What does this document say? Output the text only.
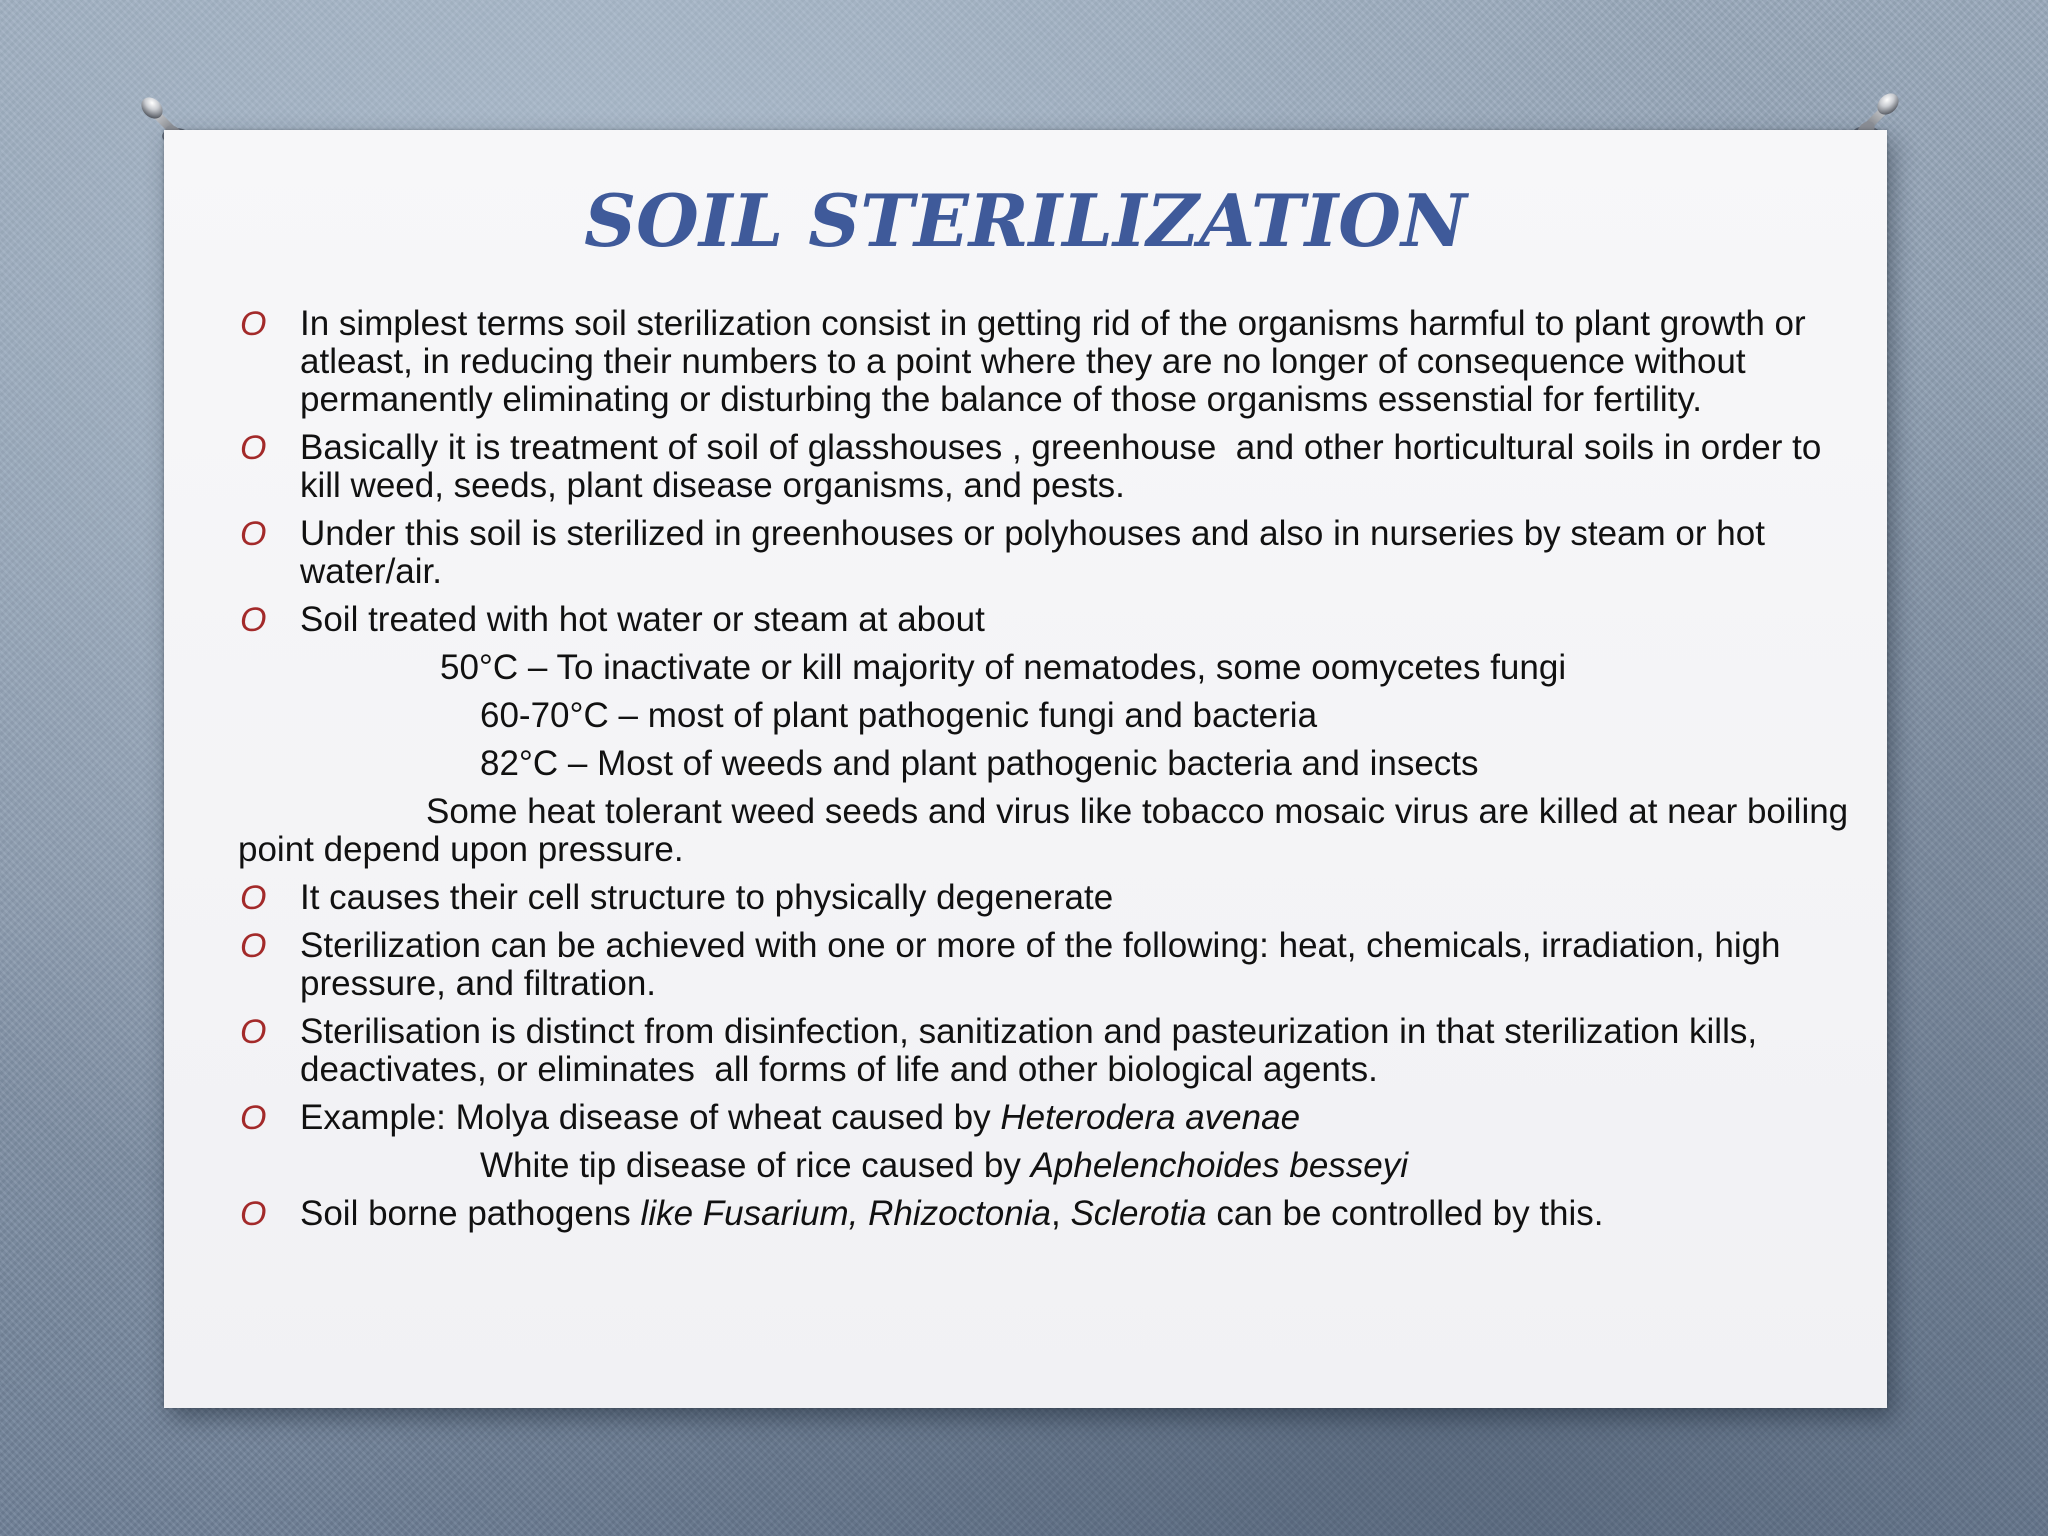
SOIL STERILIZATION
O In simplest terms soil sterilization consist in getting rid of the organisms harmful to plant growth or atleast, in reducing their numbers to a point where they are no longer of consequence without permanently eliminating or disturbing the balance of those organisms essenstial for fertility.
O Basically it is treatment of soil of glasshouses , greenhouse  and other horticultural soils in order to kill weed, seeds, plant disease organisms, and pests.
O Under this soil is sterilized in greenhouses or polyhouses and also in nurseries by steam or hot water/air.
O Soil treated with hot water or steam at about
50°C – To inactivate or kill majority of nematodes, some oomycetes fungi
60-70°C – most of plant pathogenic fungi and bacteria
82°C – Most of weeds and plant pathogenic bacteria and insects
Some heat tolerant weed seeds and virus like tobacco mosaic virus are killed at near boiling point depend upon pressure.
O It causes their cell structure to physically degenerate
O Sterilization can be achieved with one or more of the following: heat, chemicals, irradiation, high pressure, and filtration.
O Sterilisation is distinct from disinfection, sanitization and pasteurization in that sterilization kills, deactivates, or eliminates  all forms of life and other biological agents.
O Example: Molya disease of wheat caused by Heterodera avenae
White tip disease of rice caused by Aphelenchoides besseyi
O Soil borne pathogens like Fusarium, Rhizoctonia, Sclerotia can be controlled by this.
